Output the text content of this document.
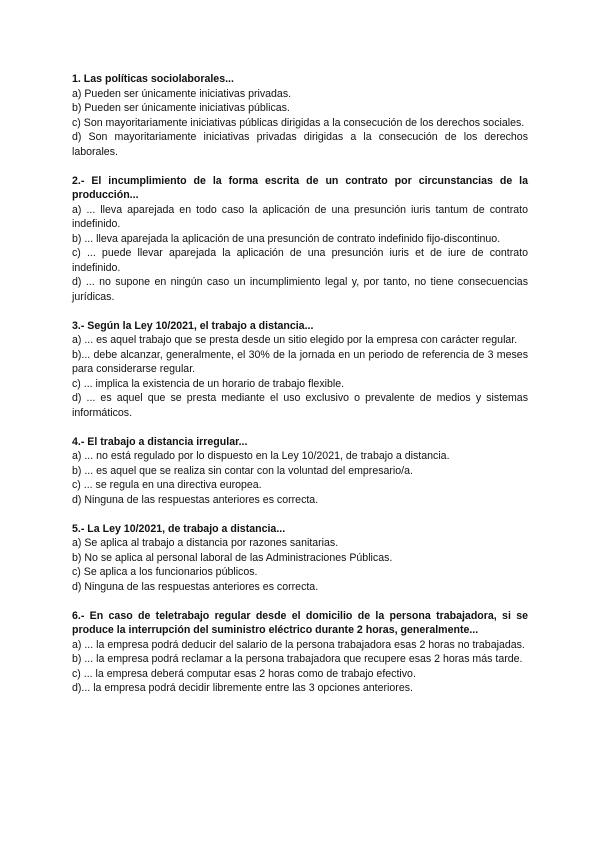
1. Las políticas sociolaborales...
a) Pueden ser únicamente iniciativas privadas.
b) Pueden ser únicamente iniciativas públicas.
c) Son mayoritariamente iniciativas públicas dirigidas a la consecución de los derechos sociales.
d) Son mayoritariamente iniciativas privadas dirigidas a la consecución de los derechos laborales.
2.- El incumplimiento de la forma escrita de un contrato por circunstancias de la producción...
a) ... lleva aparejada en todo caso la aplicación de una presunción iuris tantum de contrato indefinido.
b) ... lleva aparejada la aplicación de una presunción de contrato indefinido fijo-discontinuo.
c) ... puede llevar aparejada la aplicación de una presunción iuris et de iure de contrato indefinido.
d) ... no supone en ningún caso un incumplimiento legal y, por tanto, no tiene consecuencias jurídicas.
3.- Según la Ley 10/2021, el trabajo a distancia...
a) ... es aquel trabajo que se presta desde un sitio elegido por la empresa con carácter regular.
b)... debe alcanzar, generalmente, el 30% de la jornada en un periodo de referencia de 3 meses para considerarse regular.
c) ... implica la existencia de un horario de trabajo flexible.
d) ... es aquel que se presta mediante el uso exclusivo o prevalente de medios y sistemas informáticos.
4.- El trabajo a distancia irregular...
a) ... no está regulado por lo dispuesto en la Ley 10/2021, de trabajo a distancia.
b) ... es aquel que se realiza sin contar con la voluntad del empresario/a.
c) ... se regula en una directiva europea.
d) Ninguna de las respuestas anteriores es correcta.
5.- La Ley 10/2021, de trabajo a distancia...
a) Se aplica al trabajo a distancia por razones sanitarias.
b) No se aplica al personal laboral de las Administraciones Públicas.
c) Se aplica a los funcionarios públicos.
d) Ninguna de las respuestas anteriores es correcta.
6.- En caso de teletrabajo regular desde el domicilio de la persona trabajadora, si se produce la interrupción del suministro eléctrico durante 2 horas, generalmente...
a) ... la empresa podrá deducir del salario de la persona trabajadora esas 2 horas no trabajadas.
b) ... la empresa podrá reclamar a la persona trabajadora que recupere esas 2 horas más tarde.
c) ... la empresa deberá computar esas 2 horas como de trabajo efectivo.
d)... la empresa podrá decidir libremente entre las 3 opciones anteriores.
